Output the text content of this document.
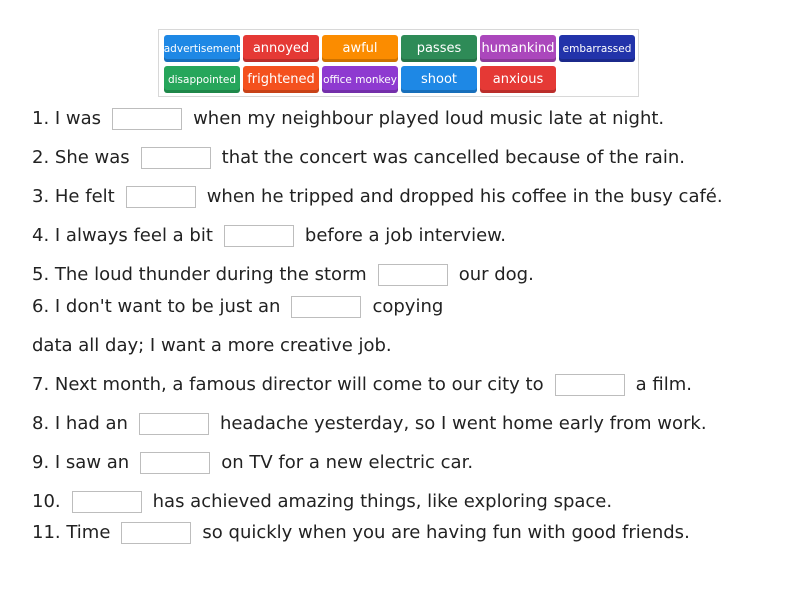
advertisement annoyed	awful	passes	humankind embarrassed
disappointed frightened office monkey	shoot	anxious
1. I was	when my neighbour played loud music late at night.
2. She was	that the concert was cancelled because of the rain.
3. He felt	when he tripped and dropped his coffee in the busy café.
4. I always feel a bit	before a job interview.
5. The loud thunder during the storm	our dog.
6. I don't want to be just an	copying
data all day; I want a more creative job.
7. Next month, a famous director will come to our city to	a film.
8. I had an	headache yesterday, so I went home early from work.
9. I saw an	on TV for a new electric car.
10.	has achieved amazing things, like exploring space.
11. Time	so quickly when you are having fun with good friends.
